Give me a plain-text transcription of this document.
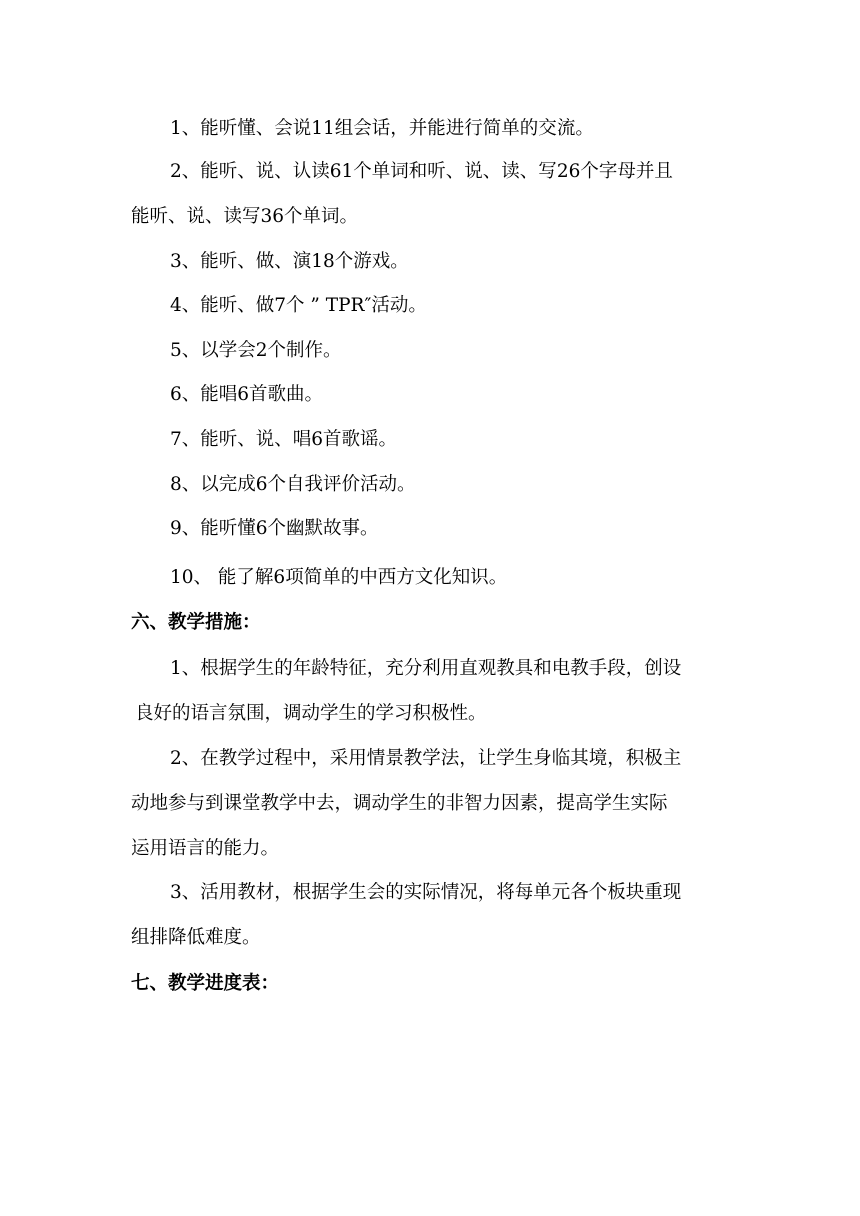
1、能听懂、会说11组会话，并能进行简单的交流。
2、能听、说、认读61个单词和听、说、读、写26个字母并且
能听、说、读写36个单词。
3、能听、做、演18个游戏。
4、能听、做7个 ” TPR″活动。
5、以学会2个制作。
6、能唱6首歌曲。
7、能听、说、唱6首歌谣。
8、以完成6个自我评价活动。
9、能听懂6个幽默故事。
10、 能了解6项简单的中西方文化知识。
六、教学措施：
1、根据学生的年龄特征，充分利用直观教具和电教手段，创设
良好的语言氛围，调动学生的学习积极性。
2、在教学过程中，采用情景教学法，让学生身临其境，积极主
动地参与到课堂教学中去，调动学生的非智力因素，提高学生实际
运用语言的能力。
3、活用教材，根据学生会的实际情况，将每单元各个板块重现
组排降低难度。
七、教学进度表：
